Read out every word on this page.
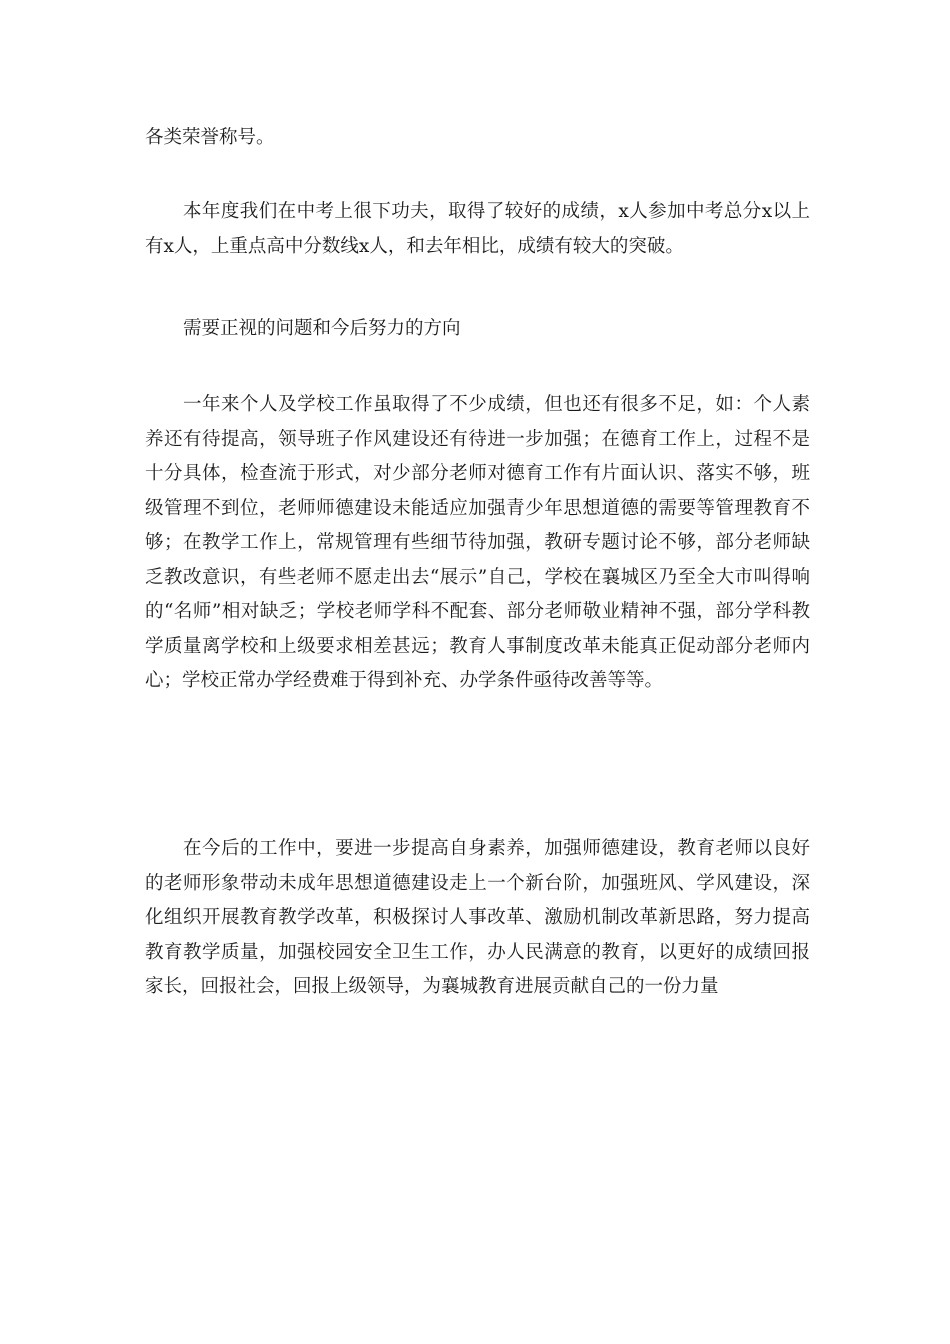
各类荣誉称号。

本年度我们在中考上很下功夫，取得了较好的成绩，x人参加中考总分x以上有x人，上重点高中分数线x人，和去年相比，成绩有较大的突破。

需要正视的问题和今后努力的方向

一年来个人及学校工作虽取得了不少成绩，但也还有很多不足，如：个人素养还有待提高，领导班子作风建设还有待进一步加强；在德育工作上，过程不是十分具体，检查流于形式，对少部分老师对德育工作有片面认识、落实不够，班级管理不到位，老师师德建设未能适应加强青少年思想道德的需要等管理教育不够；在教学工作上，常规管理有些细节待加强，教研专题讨论不够，部分老师缺乏教改意识，有些老师不愿走出去“展示”自己，学校在襄城区乃至全大市叫得响的“名师”相对缺乏；学校老师学科不配套、部分老师敬业精神不强，部分学科教学质量离学校和上级要求相差甚远；教育人事制度改革未能真正促动部分老师内心；学校正常办学经费难于得到补充、办学条件亟待改善等等。

在今后的工作中，要进一步提高自身素养，加强师德建设，教育老师以良好的老师形象带动未成年思想道德建设走上一个新台阶，加强班风、学风建设，深化组织开展教育教学改革，积极探讨人事改革、激励机制改革新思路，努力提高教育教学质量，加强校园安全卫生工作，办人民满意的教育，以更好的成绩回报家长，回报社会，回报上级领导，为襄城教育进展贡献自己的一份力量
